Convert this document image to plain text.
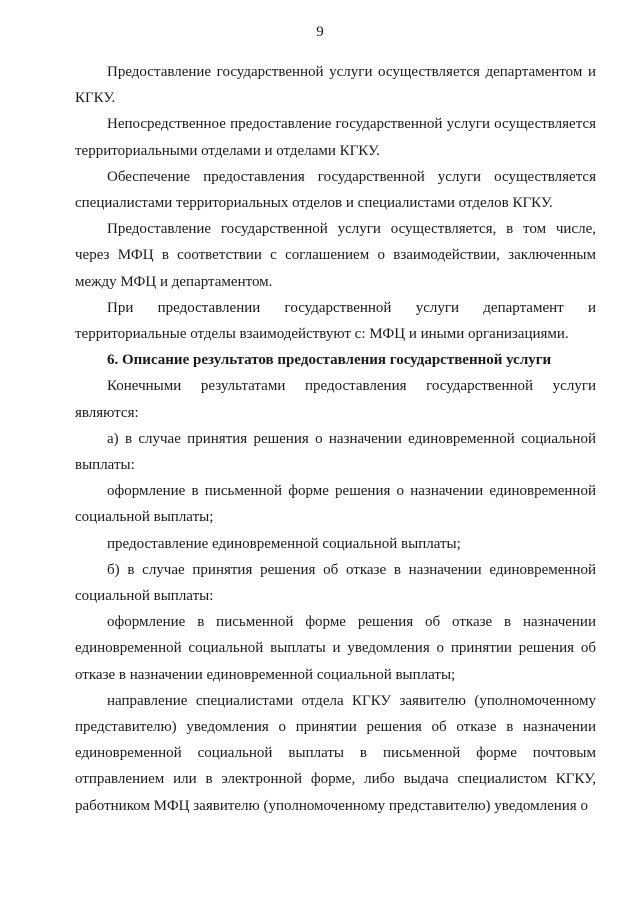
9

Предоставление государственной услуги осуществляется департаментом и КГКУ.

Непосредственное предоставление государственной услуги осуществляется территориальными отделами и отделами КГКУ.

Обеспечение предоставления государственной услуги осуществляется специалистами территориальных отделов и специалистами отделов КГКУ.

Предоставление государственной услуги осуществляется, в том числе, через МФЦ в соответствии с соглашением о взаимодействии, заключенным между МФЦ и департаментом.

При предоставлении государственной услуги департамент и территориальные отделы взаимодействуют с: МФЦ и иными организациями.

6. Описание результатов предоставления государственной услуги

Конечными результатами предоставления государственной услуги являются:

а) в случае принятия решения о назначении единовременной социальной выплаты:

оформление в письменной форме решения о назначении единовременной социальной выплаты;

предоставление единовременной социальной выплаты;

б) в случае принятия решения об отказе в назначении единовременной социальной выплаты:

оформление в письменной форме решения об отказе в назначении единовременной социальной выплаты и уведомления о принятии решения об отказе в назначении единовременной социальной выплаты;

направление специалистами отдела КГКУ заявителю (уполномоченному представителю) уведомления о принятии решения об отказе в назначении единовременной социальной выплаты в письменной форме почтовым отправлением или в электронной форме, либо выдача специалистом КГКУ, работником МФЦ заявителю (уполномоченному представителю) уведомления о
